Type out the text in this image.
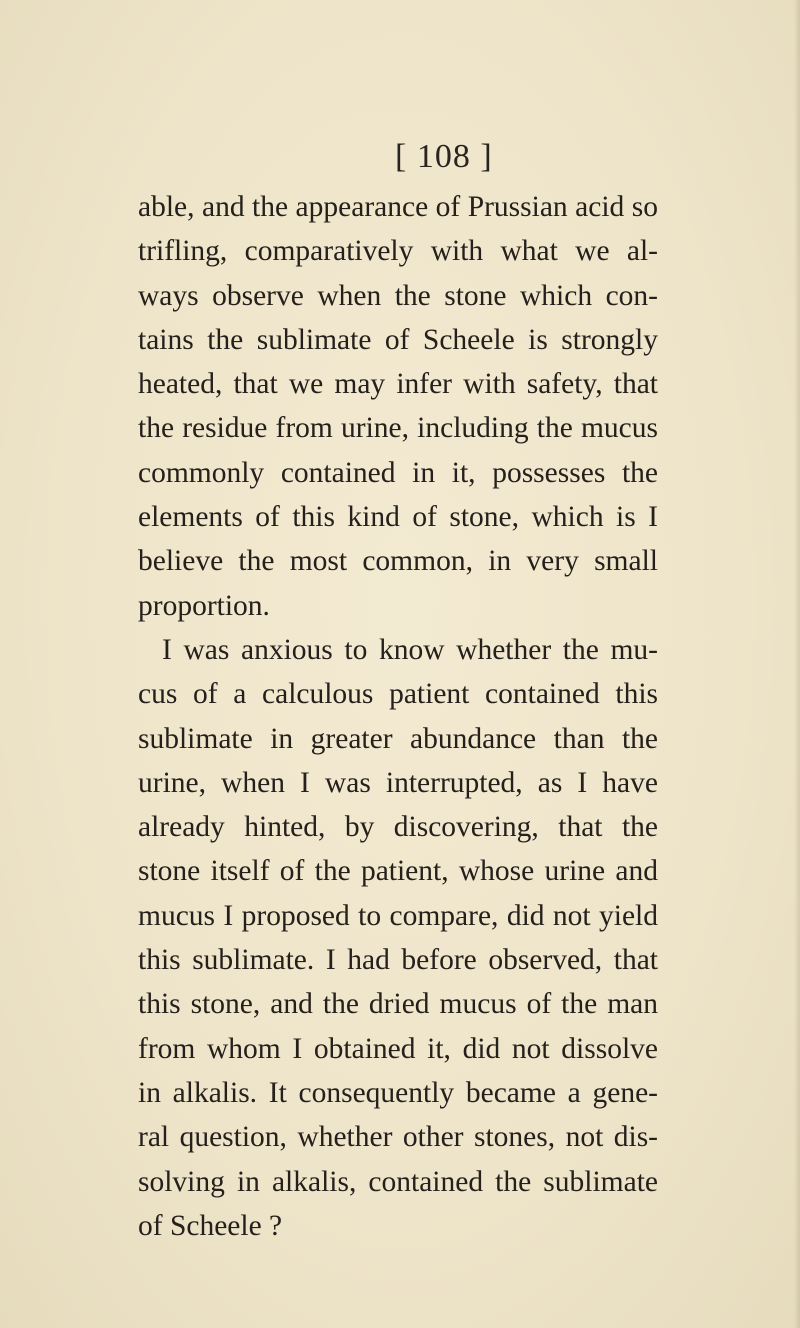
[ 108 ]
able, and the appearance of Prussian acid so
trifling, comparatively with what we al-
ways observe when the stone which con-
tains the sublimate of Scheele is strongly
heated, that we may infer with safety, that
the residue from urine, including the mucus
commonly contained in it, possesses the
elements of this kind of stone, which is I
believe the most common, in very small
proportion.
I was anxious to know whether the mu-
cus of a calculous patient contained this
sublimate in greater abundance than the
urine, when I was interrupted, as I have
already hinted, by discovering, that the
stone itself of the patient, whose urine and
mucus I proposed to compare, did not yield
this sublimate. I had before observed, that
this stone, and the dried mucus of the man
from whom I obtained it, did not dissolve
in alkalis. It consequently became a gene-
ral question, whether other stones, not dis-
solving in alkalis, contained the sublimate
of Scheele ?
